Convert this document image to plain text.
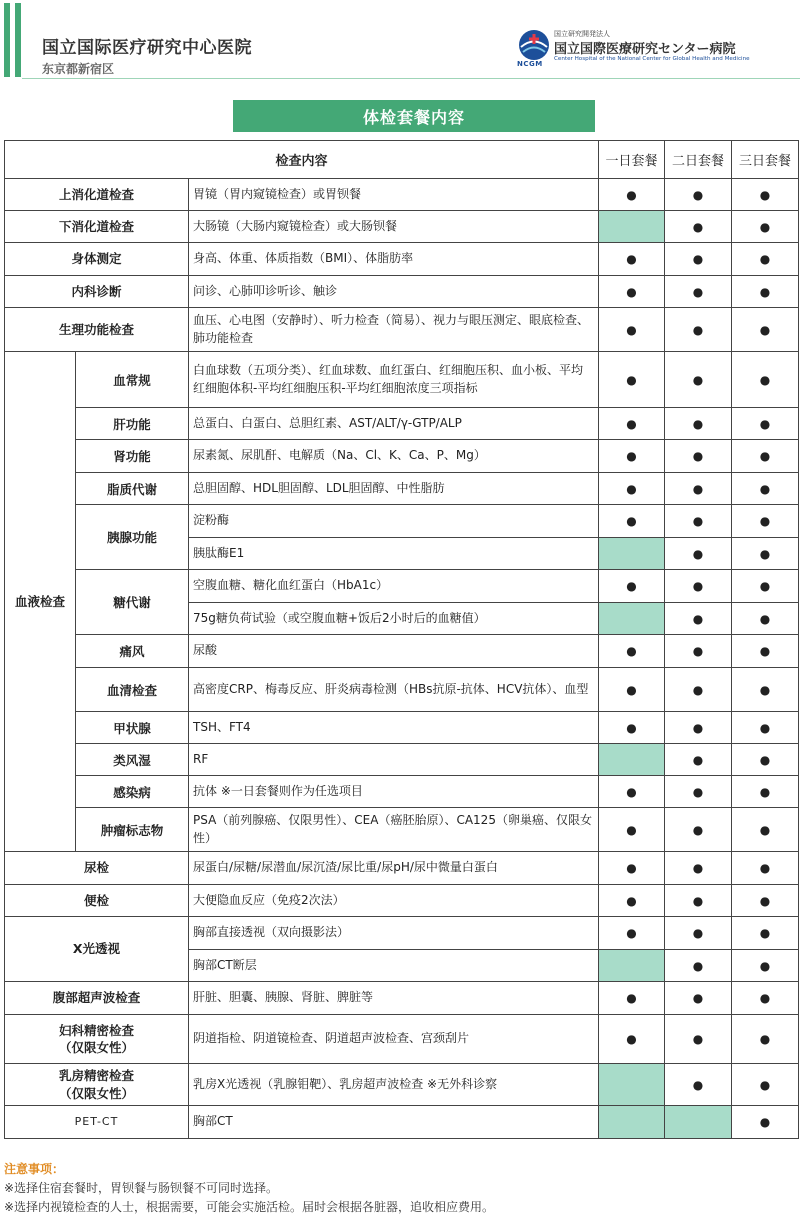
国立国际医疗研究中心医院
东京都新宿区	NCGM
国立研究開発法人
国立国際医療研究センター病院
Center Hospital of the National Center for Global Health and Medicine
体检套餐内容
检查内容			一日套餐	二日套餐	三日套餐

上消化道检查		胃镜（胃内窥镜检查）或胃钡餐	●	●	●

下消化道检查		大肠镜（大肠内窥镜检查）或大肠钡餐		●	●

身体测定		身高、体重、体质指数（BMI）、体脂肪率	●	●	●

内科诊断		问诊、心肺叩诊听诊、触诊	●	●	●

生理功能检查		血压、心电图（安静时）、听力检查（简易）、视力与眼压测定、眼底检查、肺功能检查	●	●	●

血液检查	血常规	白血球数（五项分类）、红血球数、血红蛋白、红细胞压积、血小板、平均红细胞体积-平均红细胞压积-平均红细胞浓度三项指标	●	●	●
	肝功能	总蛋白、白蛋白、总胆红素、AST/ALT/γ-GTP/ALP	●	●	●
	肾功能	尿素氮、尿肌酐、电解质（Na、Cl、K、Ca、P、Mg）	●	●	●
	脂质代谢	总胆固醇、HDL胆固醇、LDL胆固醇、中性脂肪	●	●	●
	胰腺功能	淀粉酶	●	●	●
		胰肽酶E1		●	●
	糖代谢	空腹血糖、糖化血红蛋白（HbA1c）	●	●	●
		75g糖负荷试验（或空腹血糖+饭后2小时后的血糖值）		●	●
	痛风	尿酸	●	●	●
	血清检查	高密度CRP、梅毒反应、肝炎病毒检测（HBs抗原-抗体、HCV抗体）、血型	●	●	●
	甲状腺	TSH、FT4	●	●	●
	类风湿	RF		●	●
	感染病	抗体 ※一日套餐则作为任选项目	●	●	●
	肿瘤标志物	PSA（前列腺癌、仅限男性）、CEA（癌胚胎原）、CA125（卵巢癌、仅限女性）	●	●	●

尿检		尿蛋白/尿糖/尿潜血/尿沉渣/尿比重/尿pH/尿中微量白蛋白	●	●	●

便检		大便隐血反应（免疫2次法）	●	●	●

X光透视		胸部直接透视（双向摄影法）	●	●	●
		胸部CT断层		●	●

腹部超声波检查		肝脏、胆囊、胰腺、肾脏、脾脏等	●	●	●

妇科精密检查
（仅限女性）		阴道指检、阴道镜检查、阴道超声波检查、宫颈刮片	●	●	●

乳房精密检查
（仅限女性）		乳房X光透视（乳腺钼靶）、乳房超声波检查 ※无外科诊察		●	●

PET-CT		胸部CT			●
注意事项：
※选择住宿套餐时，胃钡餐与肠钡餐不可同时选择。
※选择内视镜检查的人士，根据需要，可能会实施活检。届时会根据各脏器，追收相应费用。
